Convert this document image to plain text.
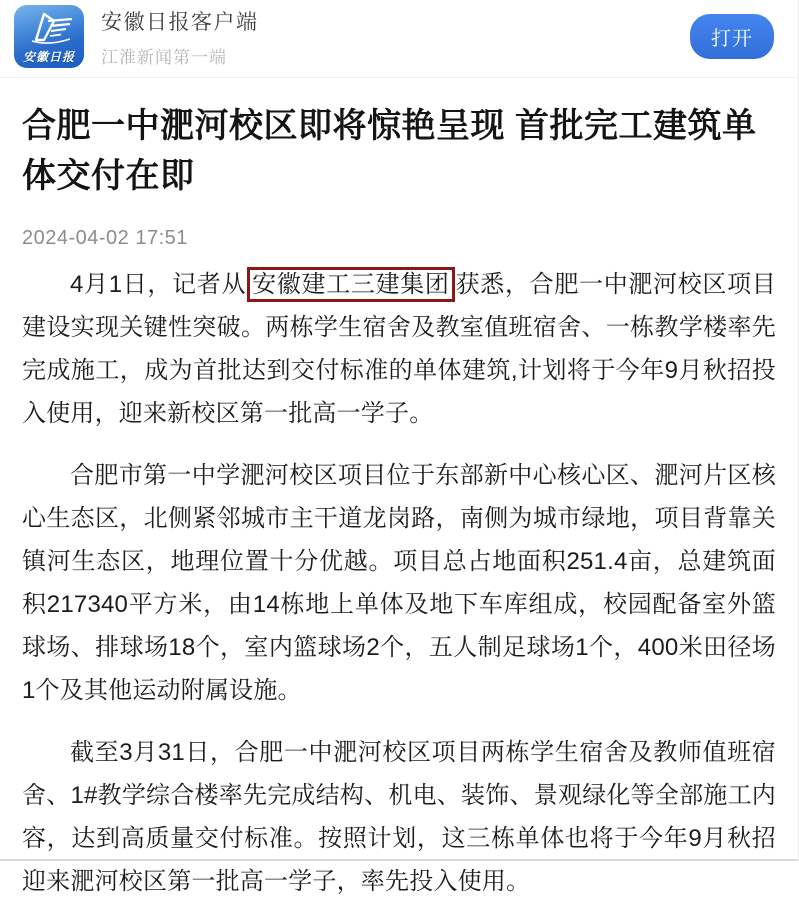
安徽日报
安徽日报客户端
江淮新闻第一端
打开
合肥一中淝河校区即将惊艳呈现 首批完工建筑单体交付在即
2024-04-02 17:51

4月1日，记者从 安徽建工三建集团 获悉，合肥一中淝河校区项目建设实现关键性突破。两栋学生宿舍及教室值班宿舍、一栋教学楼率先完成施工，成为首批达到交付标准的单体建筑,计划将于今年9月秋招投入使用，迎来新校区第一批高一学子。

合肥市第一中学淝河校区项目位于东部新中心核心区、淝河片区核心生态区，北侧紧邻城市主干道龙岗路，南侧为城市绿地，项目背靠关镇河生态区，地理位置十分优越。项目总占地面积251.4亩，总建筑面积217340平方米，由14栋地上单体及地下车库组成，校园配备室外篮球场、排球场18个，室内篮球场2个，五人制足球场1个，400米田径场1个及其他运动附属设施。

截至3月31日，合肥一中淝河校区项目两栋学生宿舍及教师值班宿舍、1#教学综合楼率先完成结构、机电、装饰、景观绿化等全部施工内容，达到高质量交付标准。按照计划，这三栋单体也将于今年9月秋招迎来淝河校区第一批高一学子，率先投入使用。
